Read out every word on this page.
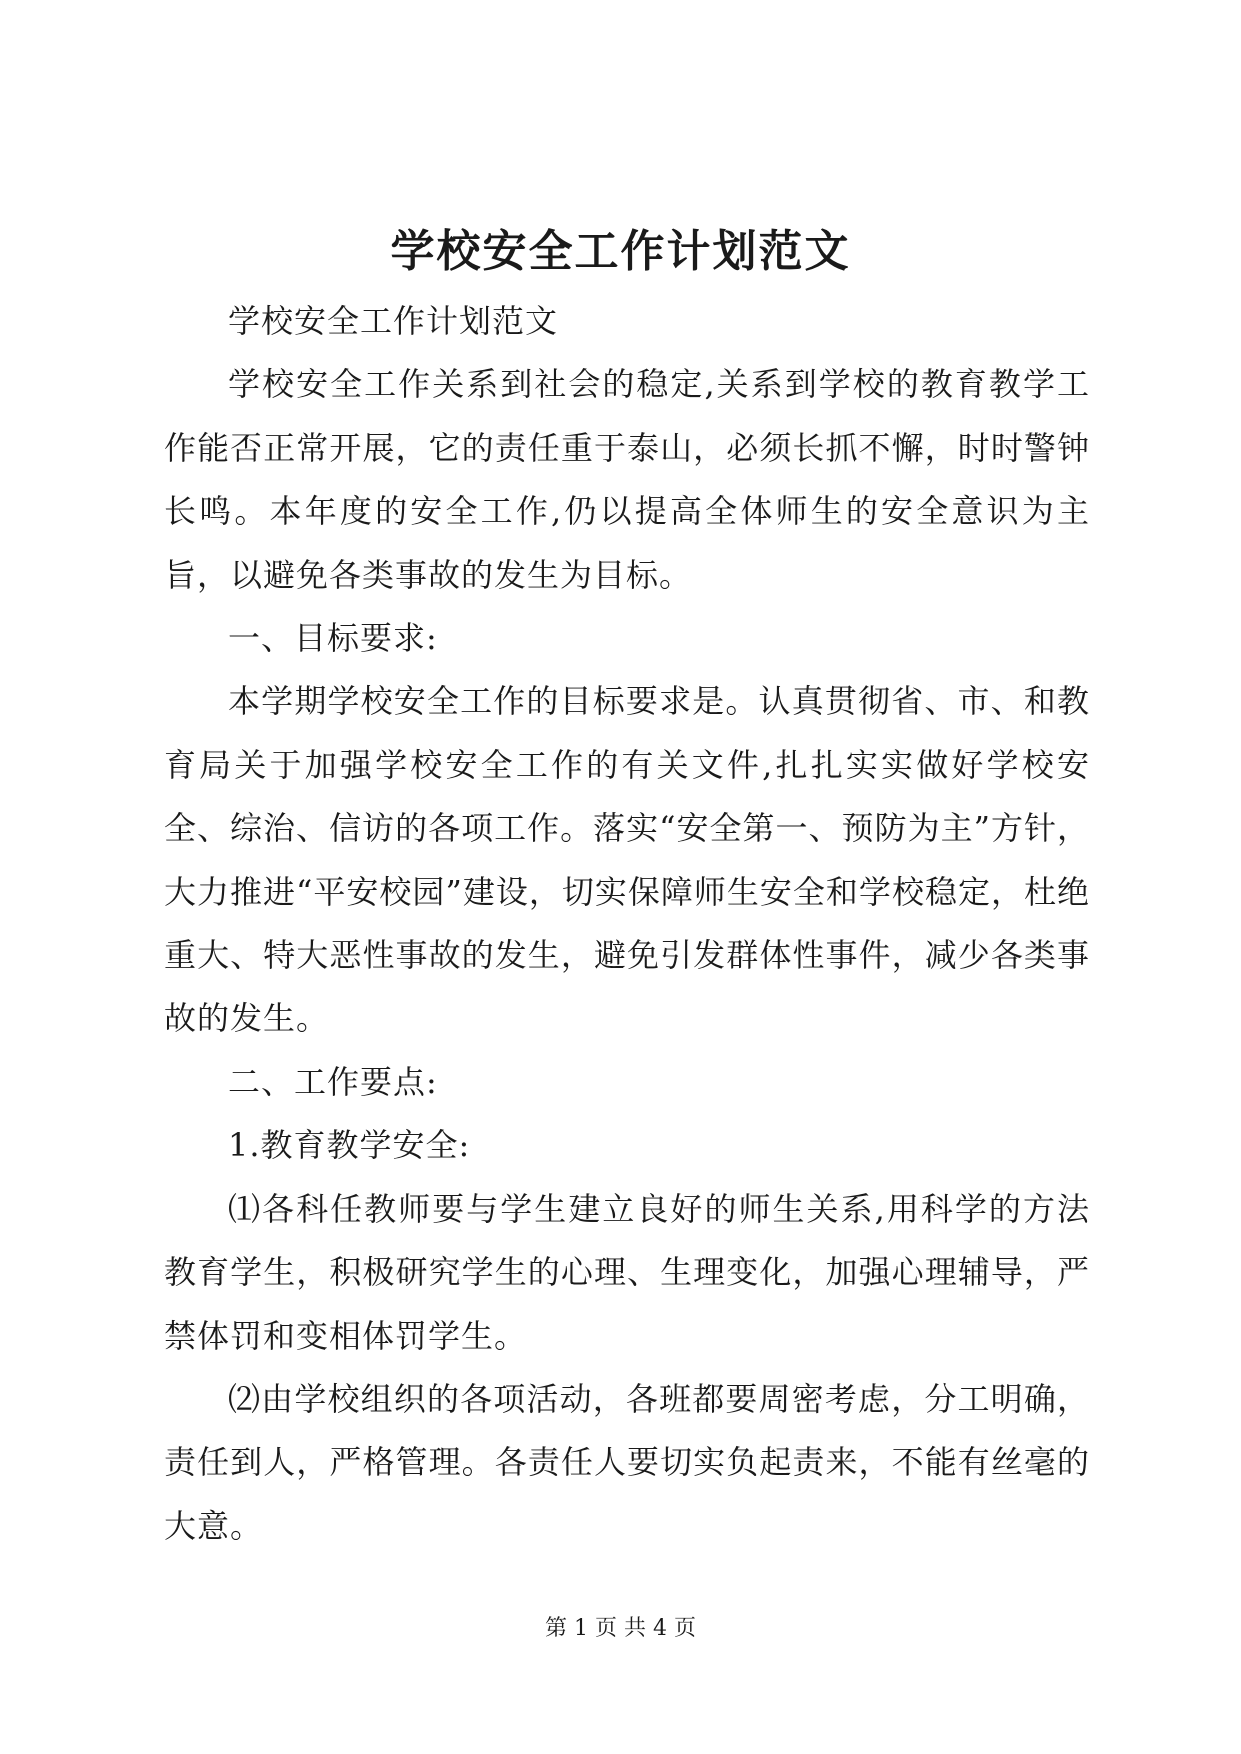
学校安全工作计划范文

学校安全工作计划范文

学校安全工作关系到社会的稳定,关系到学校的教育教学工作能否正常开展，它的责任重于泰山，必须长抓不懈，时时警钟长鸣。本年度的安全工作,仍以提高全体师生的安全意识为主旨，以避免各类事故的发生为目标。

一、目标要求:

本学期学校安全工作的目标要求是。认真贯彻省、市、和教育局关于加强学校安全工作的有关文件,扎扎实实做好学校安全、综治、信访的各项工作。落实“安全第一、预防为主”方针，大力推进“平安校园”建设，切实保障师生安全和学校稳定，杜绝重大、特大恶性事故的发生，避免引发群体性事件，减少各类事故的发生。

二、工作要点:

1.教育教学安全:

⑴各科任教师要与学生建立良好的师生关系,用科学的方法教育学生，积极研究学生的心理、生理变化，加强心理辅导，严禁体罚和变相体罚学生。

⑵由学校组织的各项活动，各班都要周密考虑，分工明确，责任到人，严格管理。各责任人要切实负起责来，不能有丝毫的大意。

第 1 页 共 4 页
